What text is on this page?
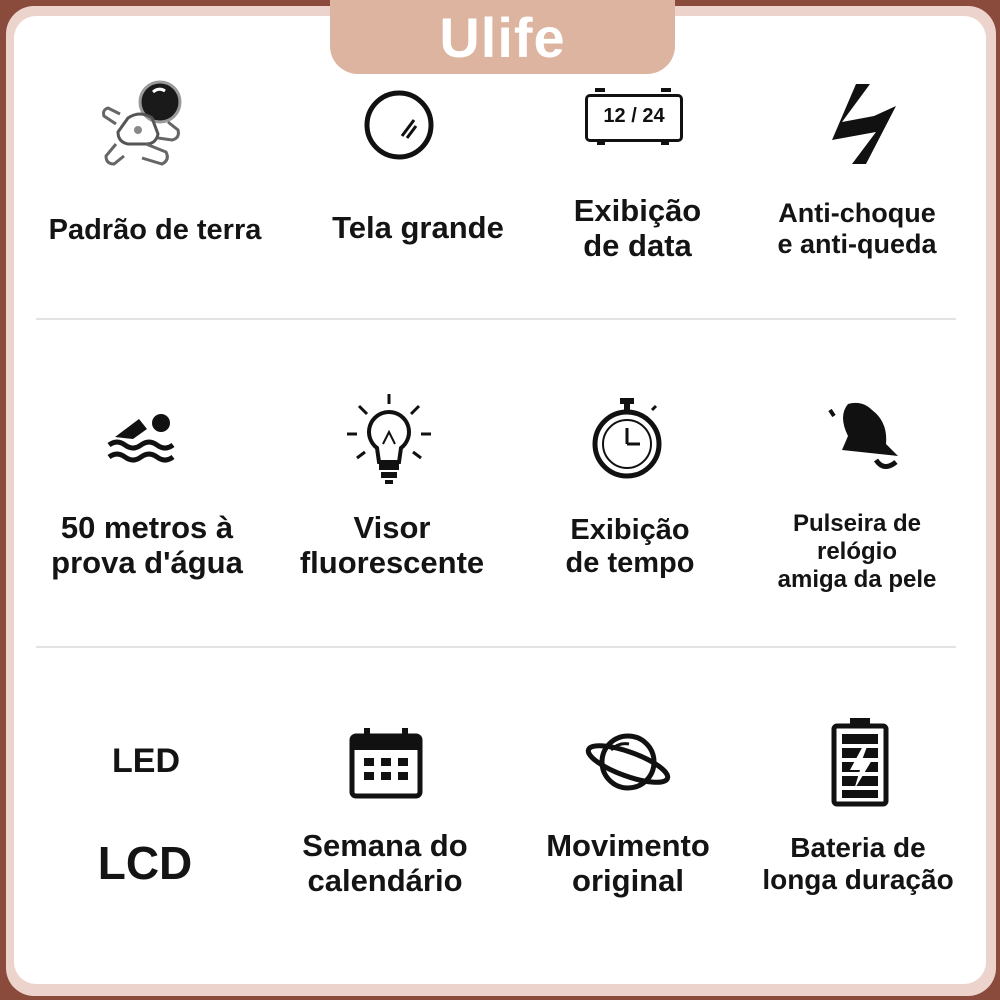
Ulife
Padrão de terra	Tela grande
12 / 24
Exibição
de data
Anti-choque
e anti-queda
50 metros à
prova d'água
Visor
fluorescente
Exibição
de tempo
Pulseira de
relógio
amiga da pele
LED
LCD	Semana do
calendário
Movimento
original
Bateria de
longa duração
